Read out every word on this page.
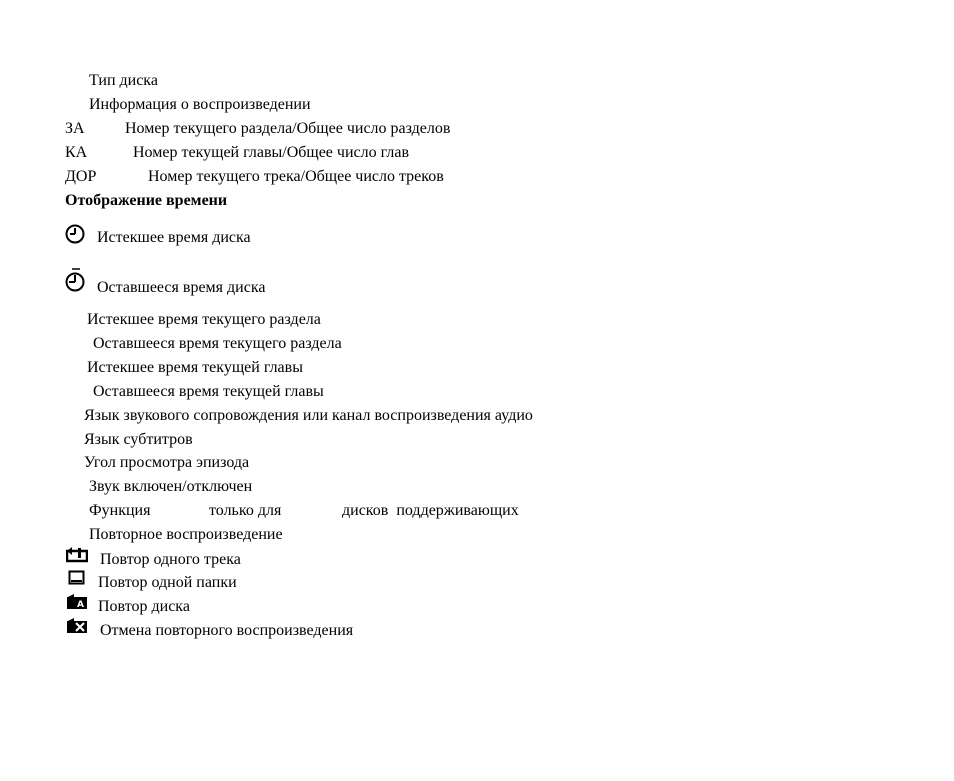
Тип диска
Информация о воспроизведении
ЗА	Номер текущего раздела/Общее число разделов
КА	Номер текущей главы/Общее число глав
ДОР	Номер текущего трека/Общее число треков
Отображение времени
Истекшее время диска
Оставшееся время диска
Истекшее время текущего раздела
Оставшееся время текущего раздела
Истекшее время текущей главы
Оставшееся время текущей главы
Язык звукового сопровождения или канал воспроизведения аудио
Язык субтитров
Угол просмотра эпизода
Звук включен/отключен
Функция	только для	дисков  поддерживающих
Повторное воспроизведение
Повтор одного трека
Повтор одной папки
A Повтор диска
Отмена повторного воспроизведения
